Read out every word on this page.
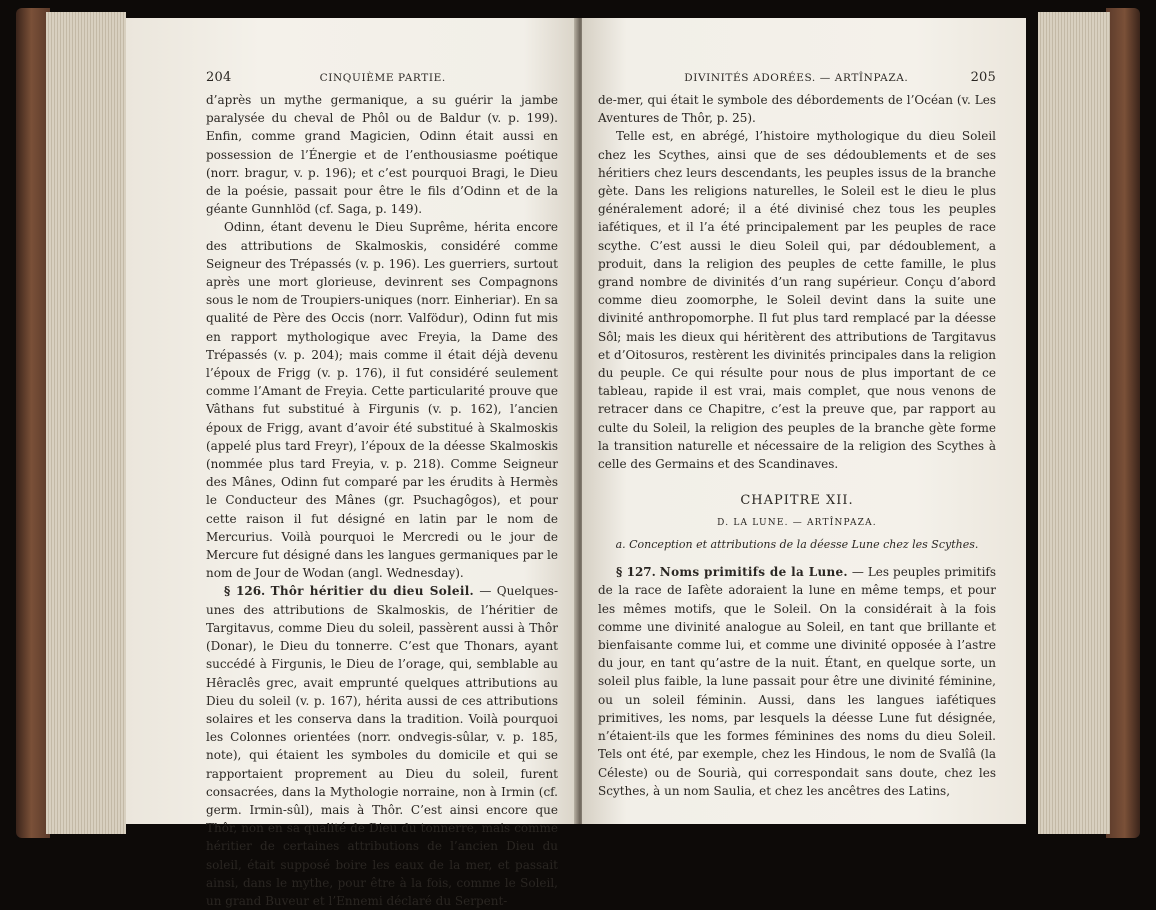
204	CINQUIÈME PARTIE.

d’après un mythe germanique, a su guérir la jambe paralysée du cheval de Phôl ou de Baldur (v. p. 199). Enfin, comme grand Magicien, Odinn était aussi en possession de l’Énergie et de l’enthousiasme poétique (norr. bragur, v. p. 196); et c’est pourquoi Bragi, le Dieu de la poésie, passait pour être le fils d’Odinn et de la géante Gunnhlöd (cf. Saga, p. 149).

Odinn, étant devenu le Dieu Suprême, hérita encore des attributions de Skalmoskis, considéré comme Seigneur des Trépassés (v. p. 196). Les guerriers, surtout après une mort glorieuse, devinrent ses Compagnons sous le nom de Troupiers-uniques (norr. Einheriar). En sa qualité de Père des Occis (norr. Valfödur), Odinn fut mis en rapport mythologique avec Freyia, la Dame des Trépassés (v. p. 204); mais comme il était déjà devenu l’époux de Frigg (v. p. 176), il fut considéré seulement comme l’Amant de Freyia. Cette particularité prouve que Vâthans fut substitué à Firgunis (v. p. 162), l’ancien époux de Frigg, avant d’avoir été substitué à Skalmoskis (appelé plus tard Freyr), l’époux de la déesse Skalmoskis (nommée plus tard Freyia, v. p. 218). Comme Seigneur des Mânes, Odinn fut comparé par les érudits à Hermès le Conducteur des Mânes (gr. Psuchagôgos), et pour cette raison il fut désigné en latin par le nom de Mercurius. Voilà pourquoi le Mercredi ou le jour de Mercure fut désigné dans les langues germaniques par le nom de Jour de Wodan (angl. Wednesday).

§ 126. Thôr héritier du dieu Soleil. — Quelques-unes des attributions de Skalmoskis, de l’héritier de Targitavus, comme Dieu du soleil, passèrent aussi à Thôr (Donar), le Dieu du tonnerre. C’est que Thonars, ayant succédé à Firgunis, le Dieu de l’orage, qui, semblable au Hêraclês grec, avait emprunté quelques attributions au Dieu du soleil (v. p. 167), hérita aussi de ces attributions solaires et les conserva dans la tradition. Voilà pourquoi les Colonnes orientées (norr. ondvegis-sûlar, v. p. 185, note), qui étaient les symboles du domicile et qui se rapportaient proprement au Dieu du soleil, furent consacrées, dans la Mythologie norraine, non à Irmin (cf. germ. Irmin-sûl), mais à Thôr. C’est ainsi encore que Thôr, non en sa qualité de Dieu du tonnerre, mais comme héritier de certaines attributions de l’ancien Dieu du soleil, était supposé boire les eaux de la mer, et passait ainsi, dans le mythe, pour être à la fois, comme le Soleil, un grand Buveur et l’Ennemi déclaré du Serpent-

DIVINITÉS ADORÉES. — ARTÎNPAZA.	205

de-mer, qui était le symbole des débordements de l’Océan (v. Les Aventures de Thôr, p. 25).

Telle est, en abrégé, l’histoire mythologique du dieu Soleil chez les Scythes, ainsi que de ses dédoublements et de ses héritiers chez leurs descendants, les peuples issus de la branche gète. Dans les religions naturelles, le Soleil est le dieu le plus généralement adoré; il a été divinisé chez tous les peuples iafétiques, et il l’a été principalement par les peuples de race scythe. C’est aussi le dieu Soleil qui, par dédoublement, a produit, dans la religion des peuples de cette famille, le plus grand nombre de divinités d’un rang supérieur. Conçu d’abord comme dieu zoomorphe, le Soleil devint dans la suite une divinité anthropomorphe. Il fut plus tard remplacé par la déesse Sôl; mais les dieux qui héritèrent des attributions de Targitavus et d’Oitosuros, restèrent les divinités principales dans la religion du peuple. Ce qui résulte pour nous de plus important de ce tableau, rapide il est vrai, mais complet, que nous venons de retracer dans ce Chapitre, c’est la preuve que, par rapport au culte du Soleil, la religion des peuples de la branche gète forme la transition naturelle et nécessaire de la religion des Scythes à celle des Germains et des Scandinaves.

CHAPITRE XII.
D. LA LUNE. — ARTÎNPAZA.
a. Conception et attributions de la déesse Lune chez les Scythes.

§ 127. Noms primitifs de la Lune. — Les peuples primitifs de la race de Iafète adoraient la lune en même temps, et pour les mêmes motifs, que le Soleil. On la considérait à la fois comme une divinité analogue au Soleil, en tant que brillante et bienfaisante comme lui, et comme une divinité opposée à l’astre du jour, en tant qu’astre de la nuit. Étant, en quelque sorte, un soleil plus faible, la lune passait pour être une divinité féminine, ou un soleil féminin. Aussi, dans les langues iafétiques primitives, les noms, par lesquels la déesse Lune fut désignée, n’étaient-ils que les formes féminines des noms du dieu Soleil. Tels ont été, par exemple, chez les Hindous, le nom de Svalîâ (la Céleste) ou de Sourià, qui correspondait sans doute, chez les Scythes, à un nom Saulia, et chez les ancêtres des Latins,
